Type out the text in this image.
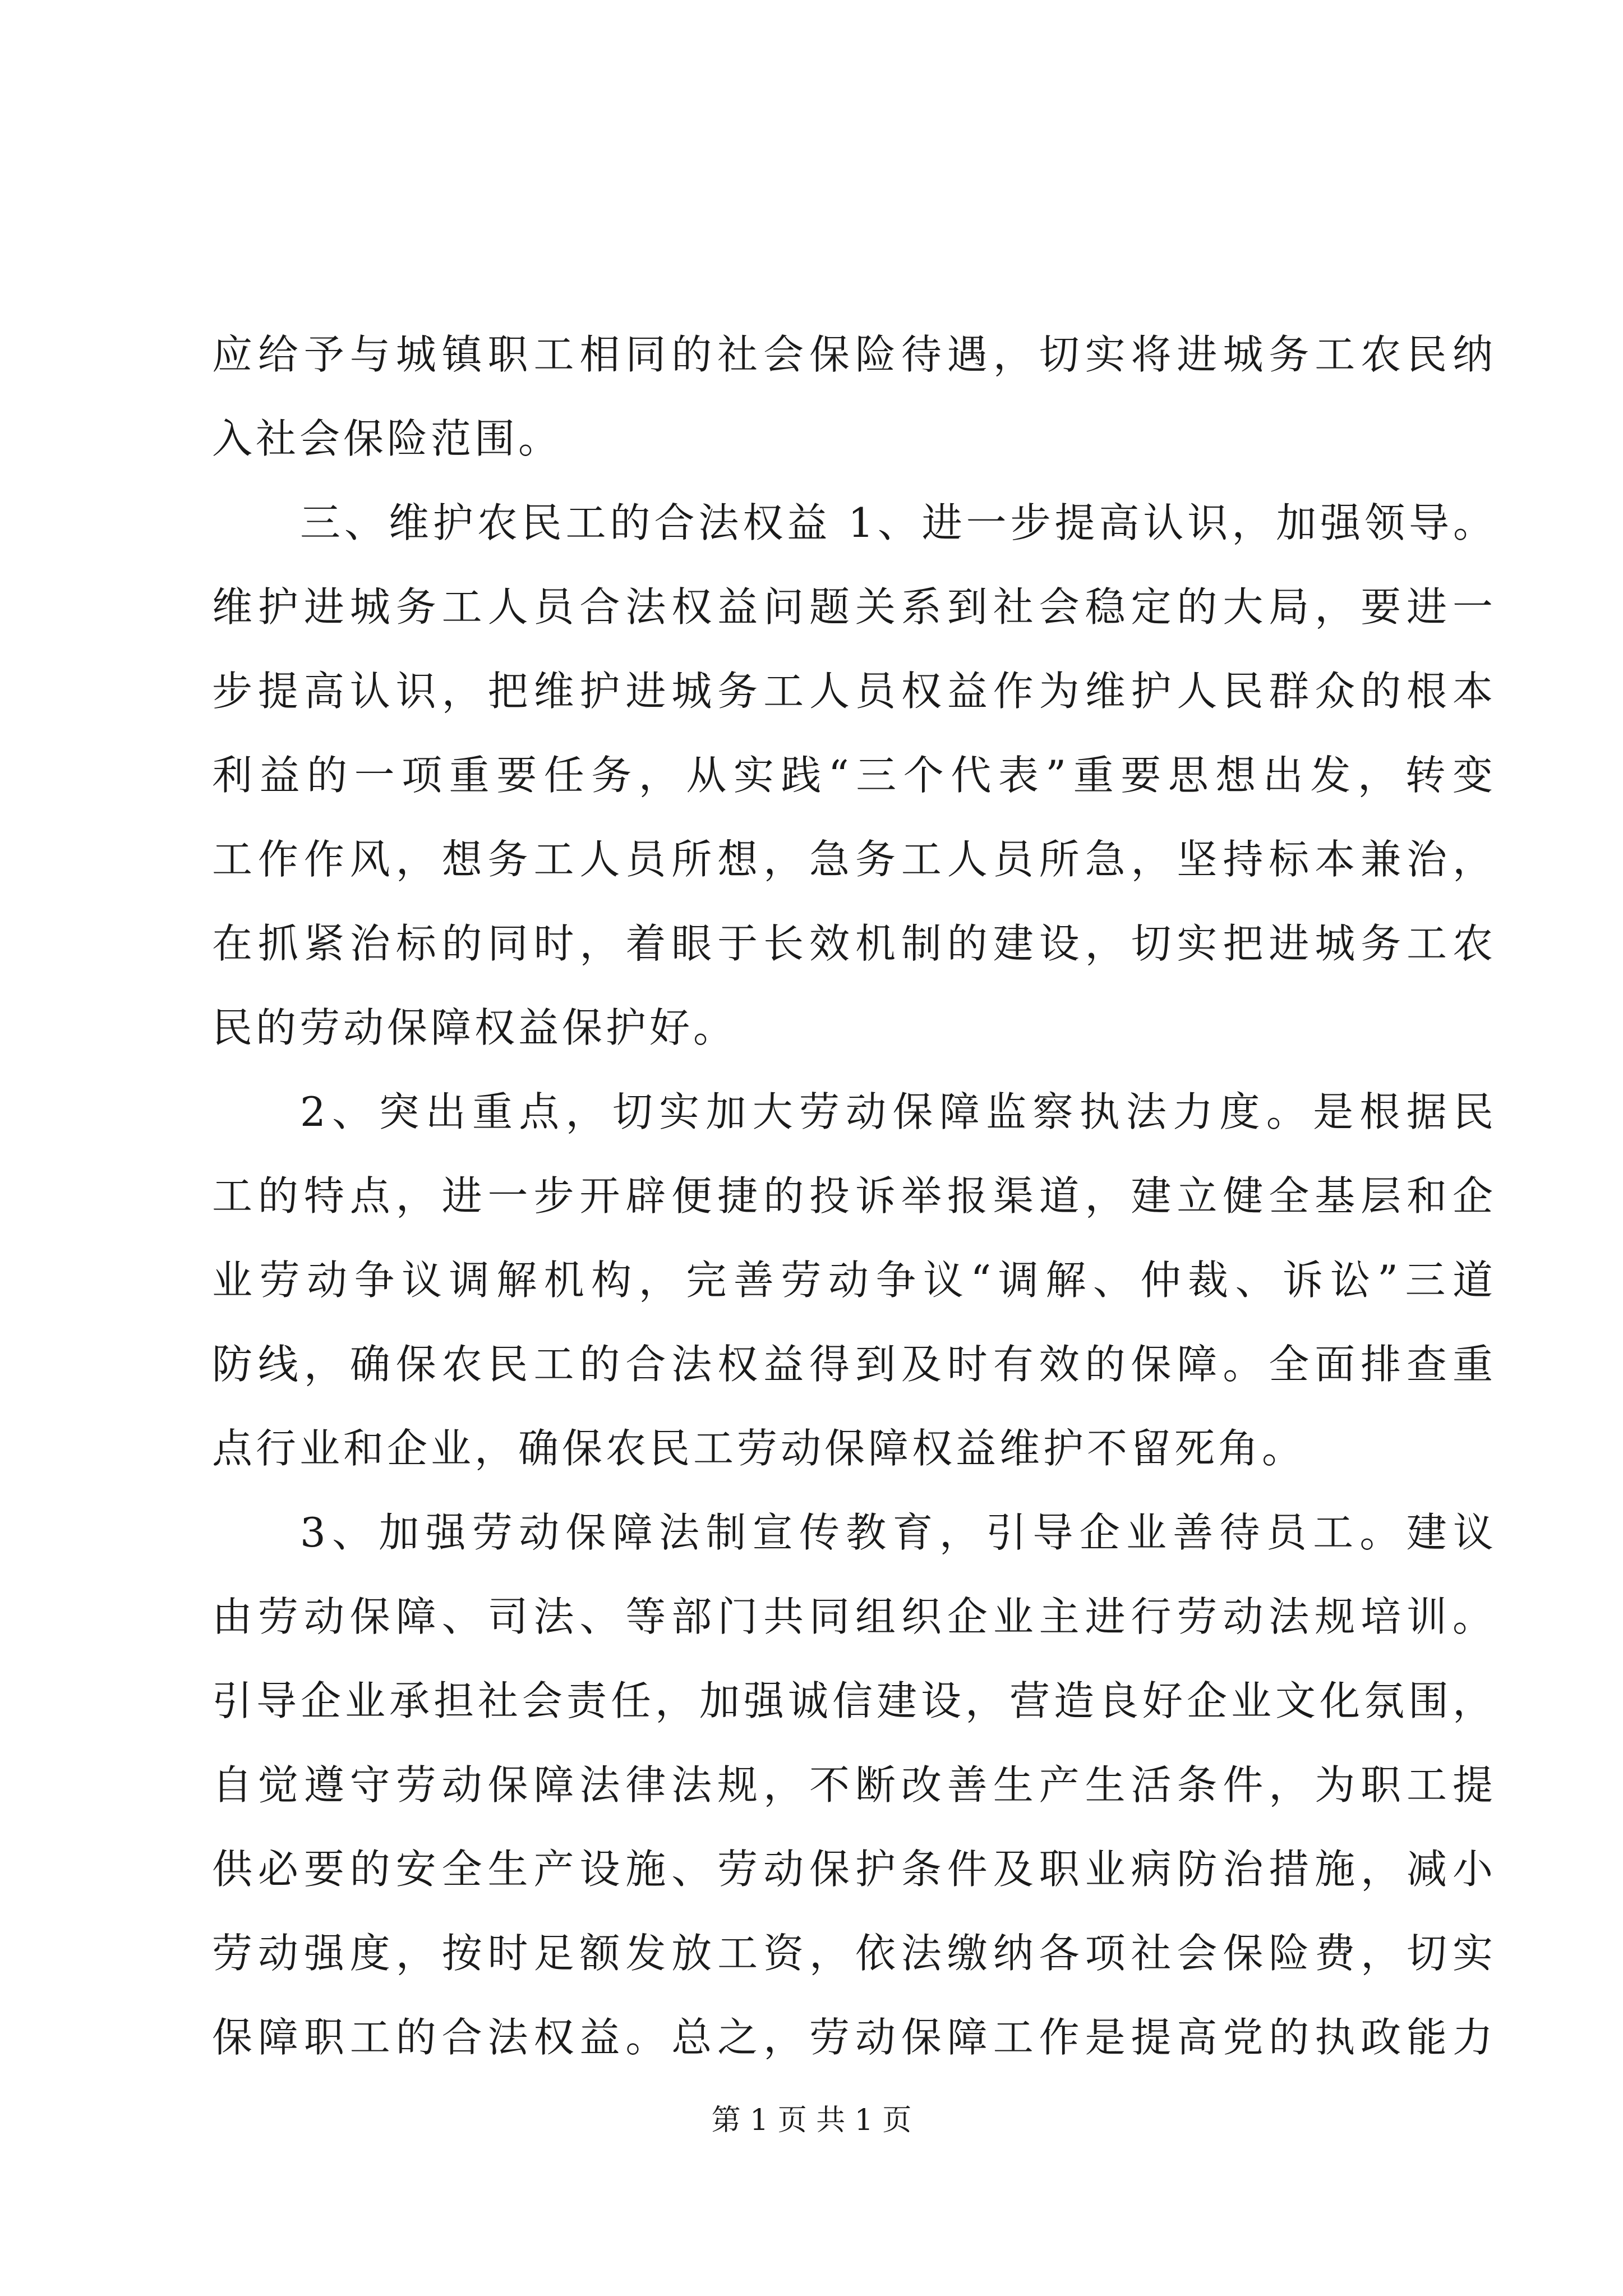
应给予与城镇职工相同的社会保险待遇，切实将进城务工农民纳
入社会保险范围。
三、维护农民工的合法权益 1、进一步提高认识，加强领导。
维护进城务工人员合法权益问题关系到社会稳定的大局，要进一
步提高认识，把维护进城务工人员权益作为维护人民群众的根本
利益的一项重要任务，从实践“三个代表”重要思想出发，转变
工作作风，想务工人员所想，急务工人员所急，坚持标本兼治，
在抓紧治标的同时，着眼于长效机制的建设，切实把进城务工农
民的劳动保障权益保护好。
2、突出重点，切实加大劳动保障监察执法力度。是根据民
工的特点，进一步开辟便捷的投诉举报渠道，建立健全基层和企
业劳动争议调解机构，完善劳动争议“调解、仲裁、诉讼”三道
防线，确保农民工的合法权益得到及时有效的保障。全面排查重
点行业和企业，确保农民工劳动保障权益维护不留死角。
3、加强劳动保障法制宣传教育，引导企业善待员工。建议
由劳动保障、司法、等部门共同组织企业主进行劳动法规培训。
引导企业承担社会责任，加强诚信建设，营造良好企业文化氛围，
自觉遵守劳动保障法律法规，不断改善生产生活条件，为职工提
供必要的安全生产设施、劳动保护条件及职业病防治措施，减小
劳动强度，按时足额发放工资，依法缴纳各项社会保险费，切实
保障职工的合法权益。总之，劳动保障工作是提高党的执政能力
第 1 页 共 1 页
